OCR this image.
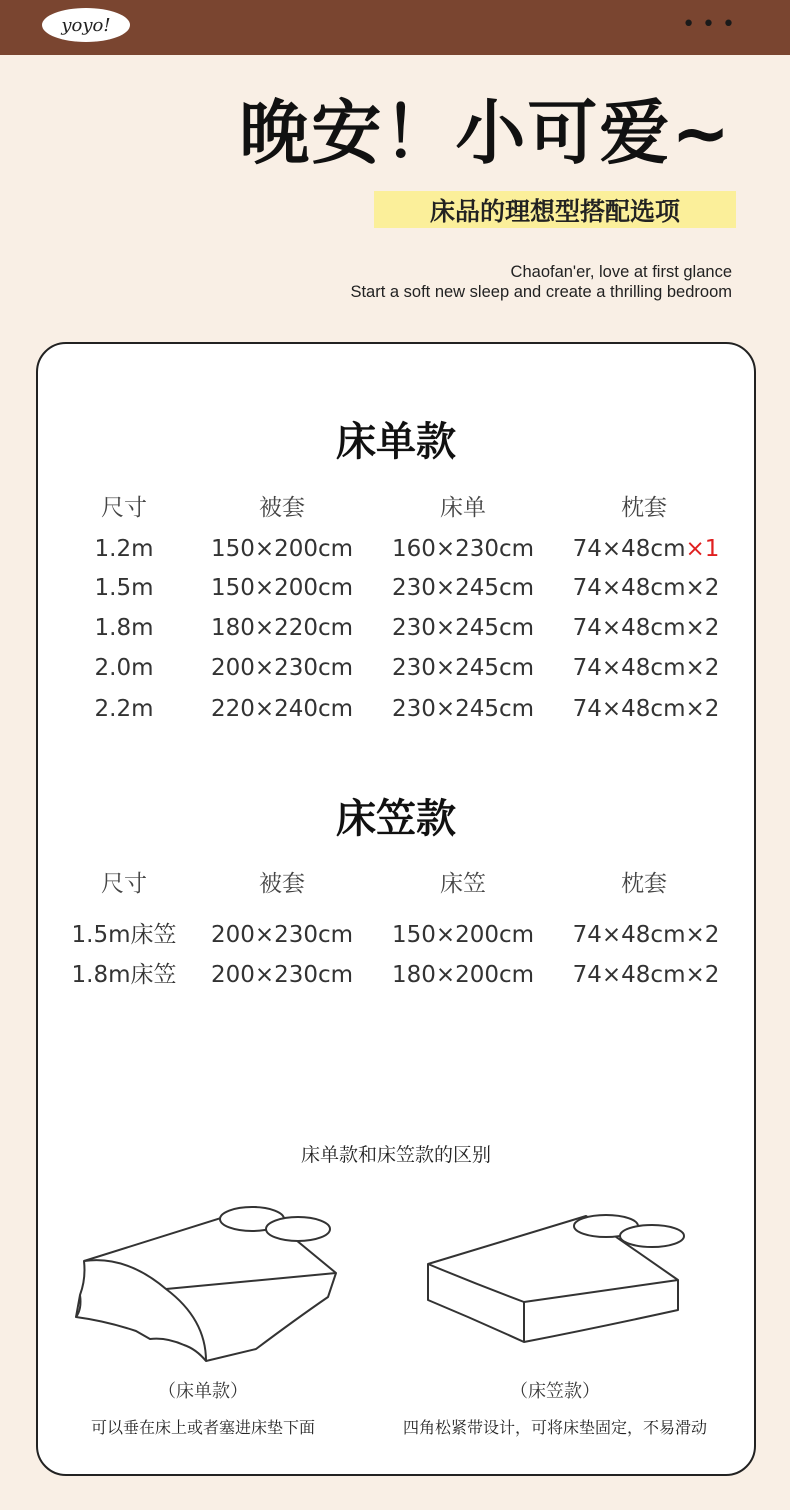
yoyo!	•••
晚安！小可爱~
床品的理想型搭配选项
Chaofan'er, love at first glance
Start a soft new sleep and create a thrilling bedroom
床单款
尺寸	被套	床单	枕套
1.2m 150×200cm 160×230cm 74×48cm×1
1.5m 150×200cm 230×245cm 74×48cm×2
1.8m 180×220cm 230×245cm 74×48cm×2
2.0m 200×230cm 230×245cm 74×48cm×2
2.2m 220×240cm 230×245cm 74×48cm×2
床笠款
尺寸	被套	床笠	枕套
1.5m床笠 200×230cm 150×200cm 74×48cm×2
1.8m床笠 200×230cm 180×200cm 74×48cm×2
床单款和床笠款的区别
（床单款）
可以垂在床上或者塞进床垫下面
（床笠款）
四角松紧带设计，可将床垫固定，不易滑动
